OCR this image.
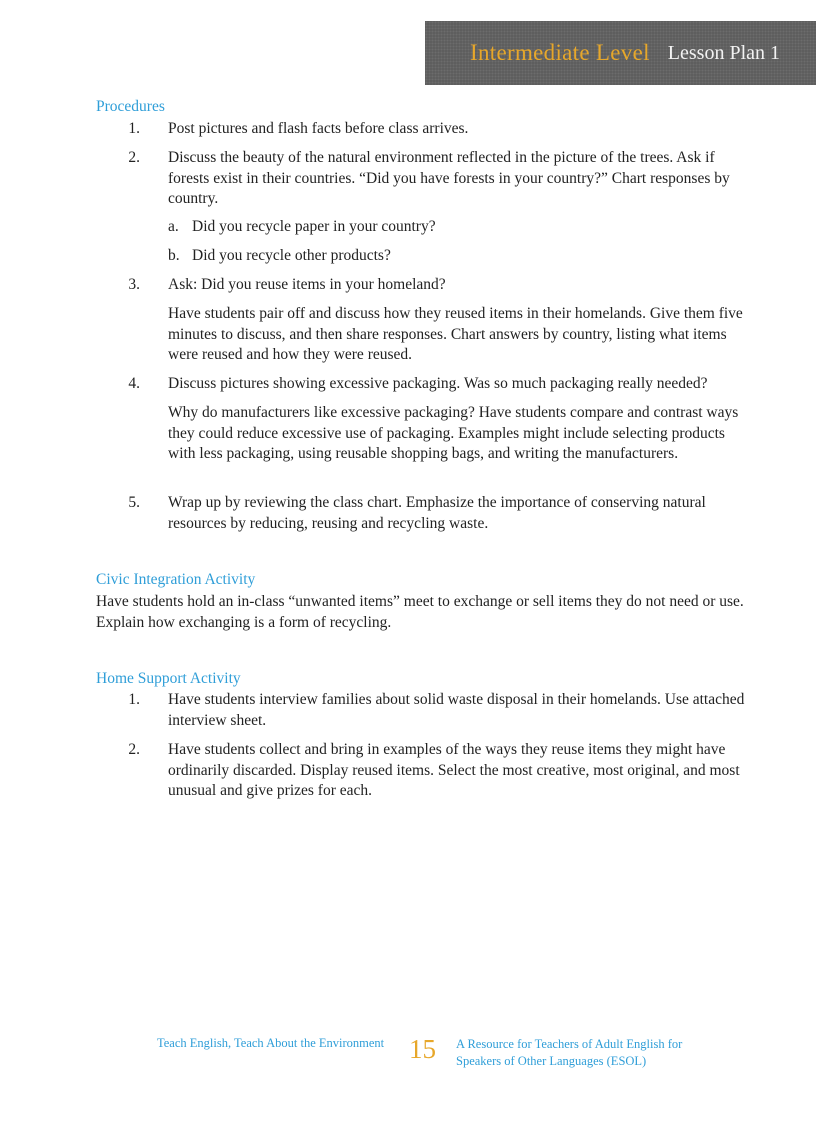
Intermediate Level Lesson Plan 1
Procedures
1. Post pictures and flash facts before class arrives.
2. Discuss the beauty of the natural environment reflected in the picture of the trees. Ask if forests exist in their countries. “Did you have forests in your country?” Chart responses by country.
a. Did you recycle paper in your country?
b. Did you recycle other products?
3. Ask: Did you reuse items in your homeland?
Have students pair off and discuss how they reused items in their homelands. Give them five minutes to discuss, and then share responses. Chart answers by country, listing what items were reused and how they were reused.
4. Discuss pictures showing excessive packaging. Was so much packaging really needed?
Why do manufacturers like excessive packaging? Have students compare and contrast ways they could reduce excessive use of packaging. Examples might include selecting products with less packaging, using reusable shopping bags, and writing the manufacturers.
5. Wrap up by reviewing the class chart. Emphasize the importance of conserving natural resources by reducing, reusing and recycling waste.
Civic Integration Activity
Have students hold an in-class “unwanted items” meet to exchange or sell items they do not need or use. Explain how exchanging is a form of recycling.
Home Support Activity
1. Have students interview families about solid waste disposal in their homelands. Use attached interview sheet.
2. Have students collect and bring in examples of the ways they reuse items they might have ordinarily discarded. Display reused items. Select the most creative, most original, and most unusual and give prizes for each.
Teach English, Teach About the Environment 15 A Resource for Teachers of Adult English for Speakers of Other Languages (ESOL)
